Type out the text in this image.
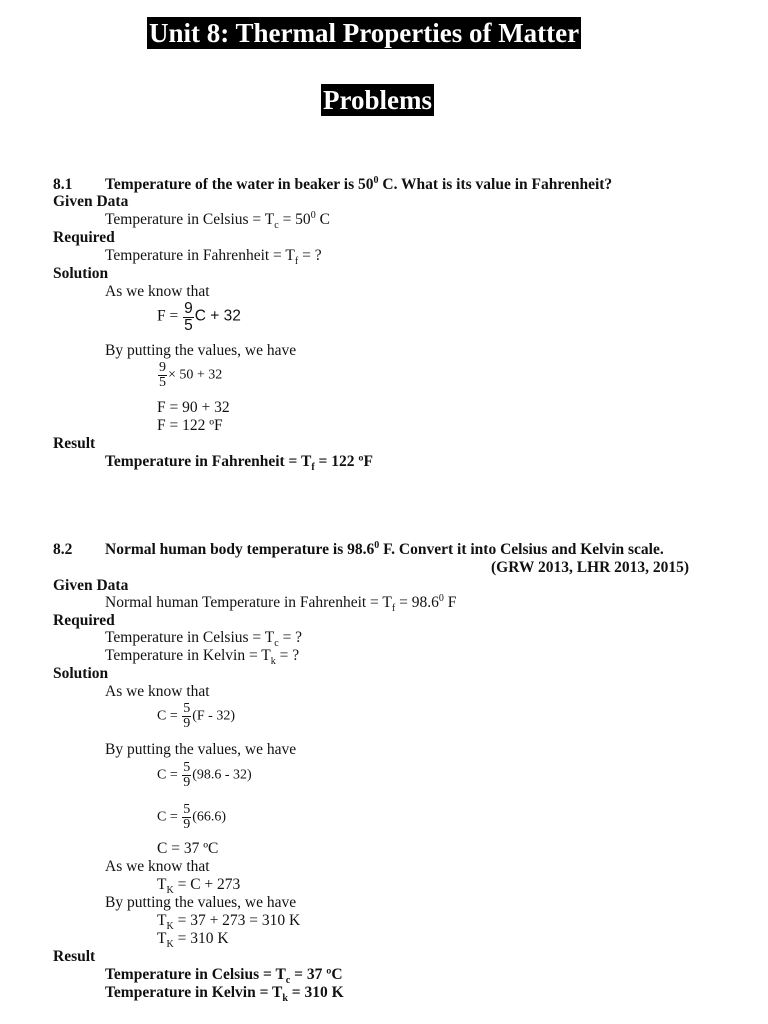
Unit 8: Thermal Properties of Matter
Problems
8.1 Temperature of the water in beaker is $50^0$ C. What is its value in Fahrenheit?
Given Data
Temperature in Celsius = $T_c = 50^0$ C
Required
Temperature in Fahrenheit = $T_f$ = ?
Solution
As we know that
$F = \frac{9}{5}$ C + 32
By putting the values, we have
$\frac{9}{5} \times 50 + 32$
F = 90 + 32
F = 122 ºF
Result
Temperature in Fahrenheit = $T_f = 122$ ºF
8.2 Normal human body temperature is 98.6$^0$ F. Convert it into Celsius and Kelvin scale.
(GRW 2013, LHR 2013, 2015)
Given Data
Normal human Temperature in Fahrenheit = $T_f = 98.6^0$ F
Required
Temperature in Celsius = $T_c$ = ?
Temperature in Kelvin = $T_k$ = ?
Solution
As we know that
$C = \frac{5}{9} (F - 32)$
By putting the values, we have
$C = \frac{5}{9} (98.6 - 32)$
$C = \frac{5}{9} (66.6)$
C = 37 ºC
As we know that
$T_K = C + 273$
By putting the values, we have
$T_K = 37 + 273 = 310$ K
$T_K = 310$ K
Result
Temperature in Celsius = $T_c = 37$ ºC
Temperature in Kelvin = $T_k = 310$ K
